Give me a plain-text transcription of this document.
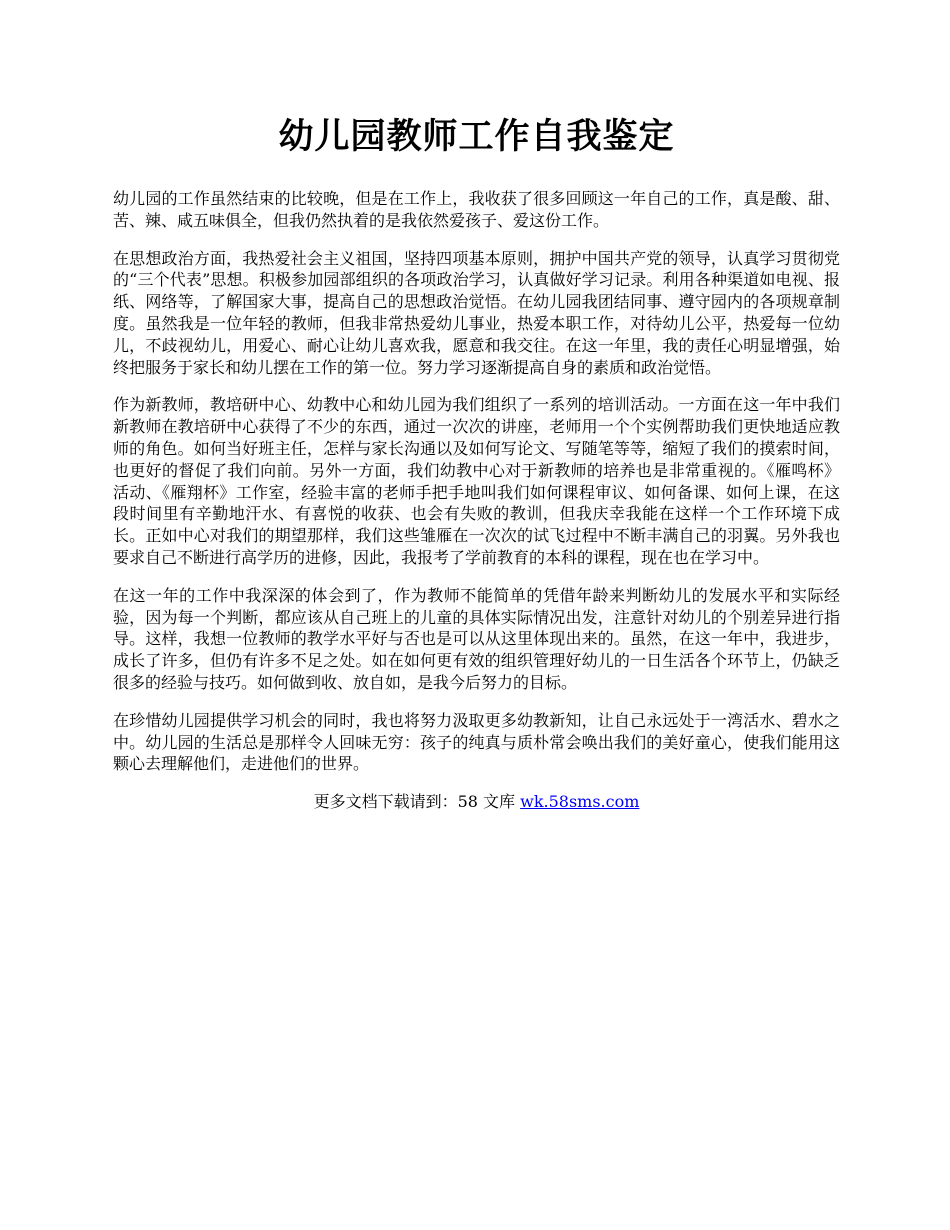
幼儿园教师工作自我鉴定

幼儿园的工作虽然结束的比较晚，但是在工作上，我收获了很多回顾这一年自己的工作，真是酸、甜、苦、辣、咸五味俱全，但我仍然执着的是我依然爱孩子、爱这份工作。

在思想政治方面，我热爱社会主义祖国，坚持四项基本原则，拥护中国共产党的领导，认真学习贯彻党的“三个代表”思想。积极参加园部组织的各项政治学习，认真做好学习记录。利用各种渠道如电视、报纸、网络等，了解国家大事，提高自己的思想政治觉悟。在幼儿园我团结同事、遵守园内的各项规章制度。虽然我是一位年轻的教师，但我非常热爱幼儿事业，热爱本职工作，对待幼儿公平，热爱每一位幼儿，不歧视幼儿，用爱心、耐心让幼儿喜欢我，愿意和我交往。在这一年里，我的责任心明显增强，始终把服务于家长和幼儿摆在工作的第一位。努力学习逐渐提高自身的素质和政治觉悟。

作为新教师，教培研中心、幼教中心和幼儿园为我们组织了一系列的培训活动。一方面在这一年中我们新教师在教培研中心获得了不少的东西，通过一次次的讲座，老师用一个个实例帮助我们更快地适应教师的角色。如何当好班主任，怎样与家长沟通以及如何写论文、写随笔等等，缩短了我们的摸索时间，也更好的督促了我们向前。另外一方面，我们幼教中心对于新教师的培养也是非常重视的。《雁鸣杯》活动、《雁翔杯》工作室，经验丰富的老师手把手地叫我们如何课程审议、如何备课、如何上课，在这段时间里有辛勤地汗水、有喜悦的收获、也会有失败的教训，但我庆幸我能在这样一个工作环境下成长。正如中心对我们的期望那样，我们这些雏雁在一次次的试飞过程中不断丰满自己的羽翼。另外我也要求自己不断进行高学历的进修，因此，我报考了学前教育的本科的课程，现在也在学习中。

在这一年的工作中我深深的体会到了，作为教师不能简单的凭借年龄来判断幼儿的发展水平和实际经验，因为每一个判断，都应该从自己班上的儿童的具体实际情况出发，注意针对幼儿的个别差异进行指导。这样，我想一位教师的教学水平好与否也是可以从这里体现出来的。虽然，在这一年中，我进步，成长了许多，但仍有许多不足之处。如在如何更有效的组织管理好幼儿的一日生活各个环节上，仍缺乏很多的经验与技巧。如何做到收、放自如，是我今后努力的目标。

在珍惜幼儿园提供学习机会的同时，我也将努力汲取更多幼教新知，让自己永远处于一湾活水、碧水之中。幼儿园的生活总是那样令人回味无穷：孩子的纯真与质朴常会唤出我们的美好童心，使我们能用这颗心去理解他们，走进他们的世界。

更多文档下载请到：58 文库 wk.58sms.com
